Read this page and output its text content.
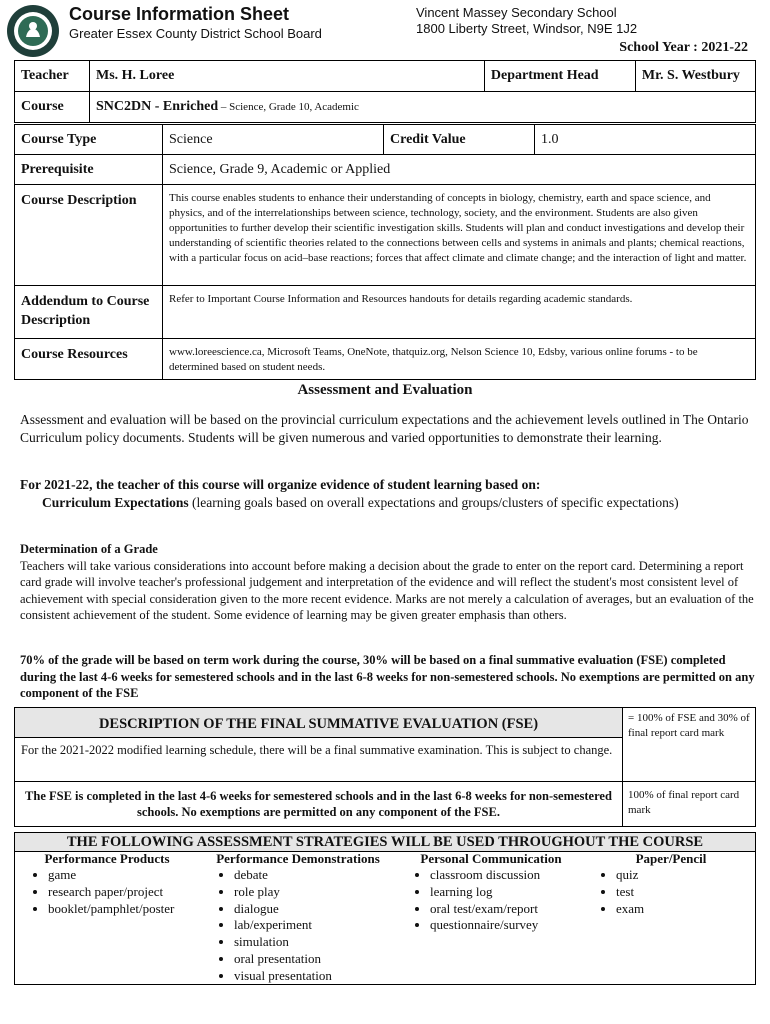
Course Information Sheet
Greater Essex County District School Board
Vincent Massey Secondary School
1800 Liberty Street, Windsor, N9E 1J2
School Year : 2021-22
Teacher	Ms. H. Loree	Department Head	Mr. S. Westbury
Course	SNC2DN - Enriched – Science, Grade 10, Academic		
Course Type	Science	Credit Value	1.0
Prerequisite	Science, Grade 9, Academic or Applied		
Course Description	This course enables students to enhance their understanding of concepts in biology, chemistry, earth and space science, and physics, and of the interrelationships between science, technology, society, and the environment. Students are also given opportunities to further develop their scientific investigation skills. Students will plan and conduct investigations and develop their understanding of scientific theories related to the connections between cells and systems in animals and plants; chemical reactions, with a particular focus on acid–base reactions; forces that affect climate and climate change; and the interaction of light and matter.		
Addendum to Course Description	Refer to Important Course Information and Resources handouts for details regarding academic standards.		
Course Resources	www.loreescience.ca, Microsoft Teams, OneNote, thatquiz.org, Nelson Science 10, Edsby, various online forums - to be determined based on student needs.		
Assessment and Evaluation
Assessment and evaluation will be based on the provincial curriculum expectations and the achievement levels outlined in The Ontario Curriculum policy documents. Students will be given numerous and varied opportunities to demonstrate their learning.
For 2021-22, the teacher of this course will organize evidence of student learning based on:
Curriculum Expectations (learning goals based on overall expectations and groups/clusters of specific expectations)
Determination of a Grade
Teachers will take various considerations into account before making a decision about the grade to enter on the report card. Determining a report card grade will involve teacher's professional judgement and interpretation of the evidence and will reflect the student's most consistent level of achievement with special consideration given to the more recent evidence. Marks are not merely a calculation of averages, but an evaluation of the consistent achievement of the student. Some evidence of learning may be given greater emphasis than others.
70% of the grade will be based on term work during the course, 30% will be based on a final summative evaluation (FSE) completed during the last 4-6 weeks for semestered schools and in the last 6-8 weeks for non-semestered schools. No exemptions are permitted on any component of the FSE
DESCRIPTION OF THE FINAL SUMMATIVE EVALUATION (FSE)	= 100% of FSE and 30% of final report card mark
For the 2021-2022 modified learning schedule, there will be a final summative examination. This is subject to change.	
The FSE is completed in the last 4-6 weeks for semestered schools and in the last 6-8 weeks for non-semestered schools. No exemptions are permitted on any component of the FSE.	100% of final report card mark
THE FOLLOWING ASSESSMENT STRATEGIES WILL BE USED THROUGHOUT THE COURSE
Performance Products
• game
• research paper/project
• booklet/pamphlet/poster
Performance Demonstrations
• debate
• role play
• dialogue
• lab/experiment
• simulation
• oral presentation
• visual presentation
Personal Communication
• classroom discussion
• learning log
• oral test/exam/report
• questionnaire/survey
Paper/Pencil
• quiz
• test
• exam
